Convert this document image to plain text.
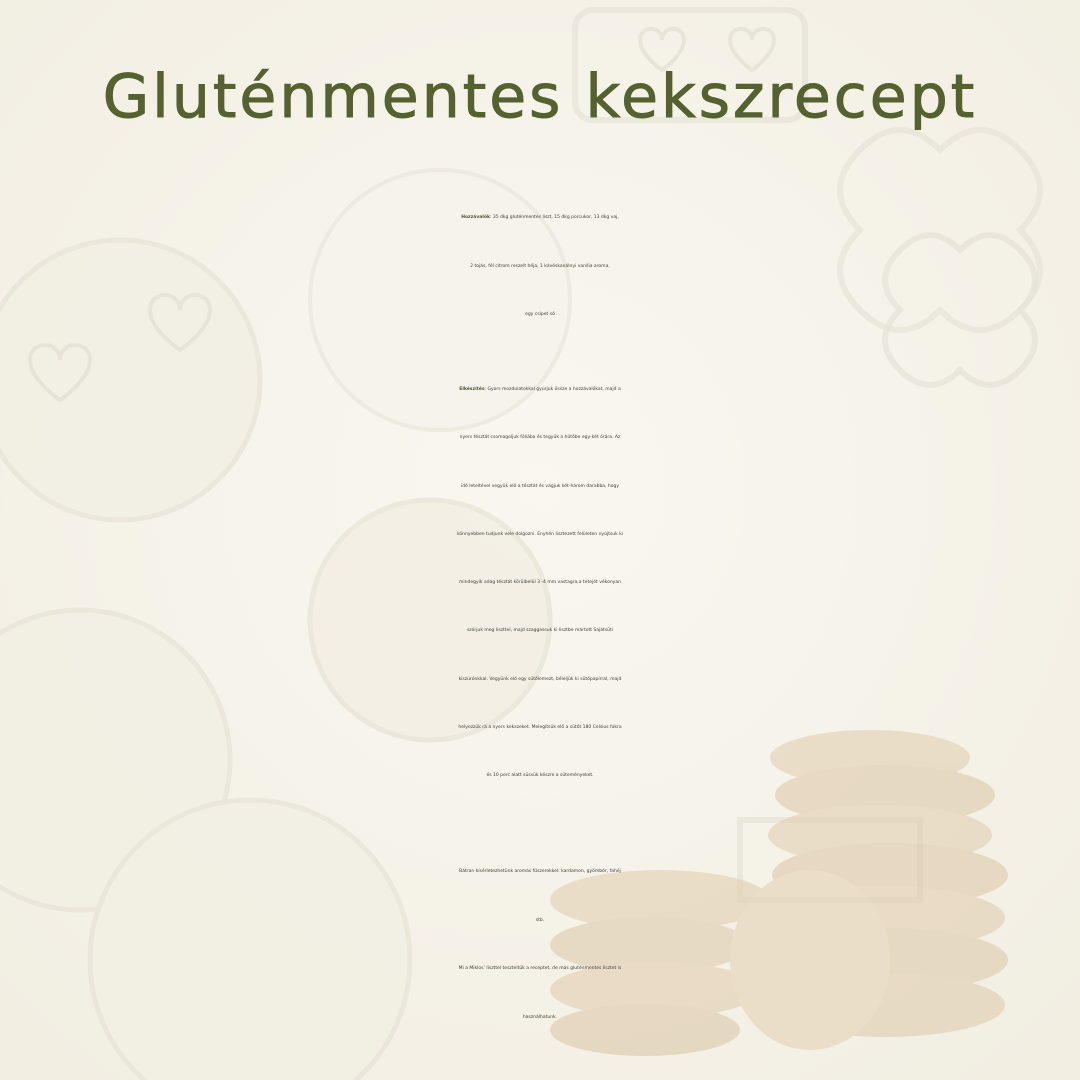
Gluténmentes kekszrecept

Hozzávalók: 35 dkg gluténmentes liszt, 15 dkg porcukor, 13 dkg vaj,
2 tojás, fél citrom reszelt héja, 1 kávéskanálnyi vanília aroma,
egy csipet só

Elkészítés: Gyors mozdulatokkal gyúrjuk össze a hozzávalókat, majd a
nyers tésztát csomagoljuk fóliába és tegyük a hűtőbe egy-két órára. Az
idő leteltével vegyük elő a tésztát és vágjuk két-három darabba, hogy
könnyebben tudjunk vele dolgozni. Enyhén lisztezett felületen nyújtsuk ki
mindegyik adag tésztát körülbelül 3 -4 mm vastagra,a tetejét vékonyan
szórjuk meg liszttel, majd szaggassuk ki lisztbe mártott Sajátsüti
kiszúrónkkal. Vegyünk elő egy sütőlemezt, béleljük ki sütőpapírral, majd
helyezzük rá a nyers kekszeket. Melegítsük elő a sütőt 180 Celsius fokra
és 10 perc alatt süssük készre a süteményeket.

Bátran kísérletezhetünk aromás fűszerekkel: kardamon, gyömbér, fahéj
stb.
Mi a Miklos’ liszttel teszteltük a receptet, de más gluténmentes lisztet is
használhatunk.
